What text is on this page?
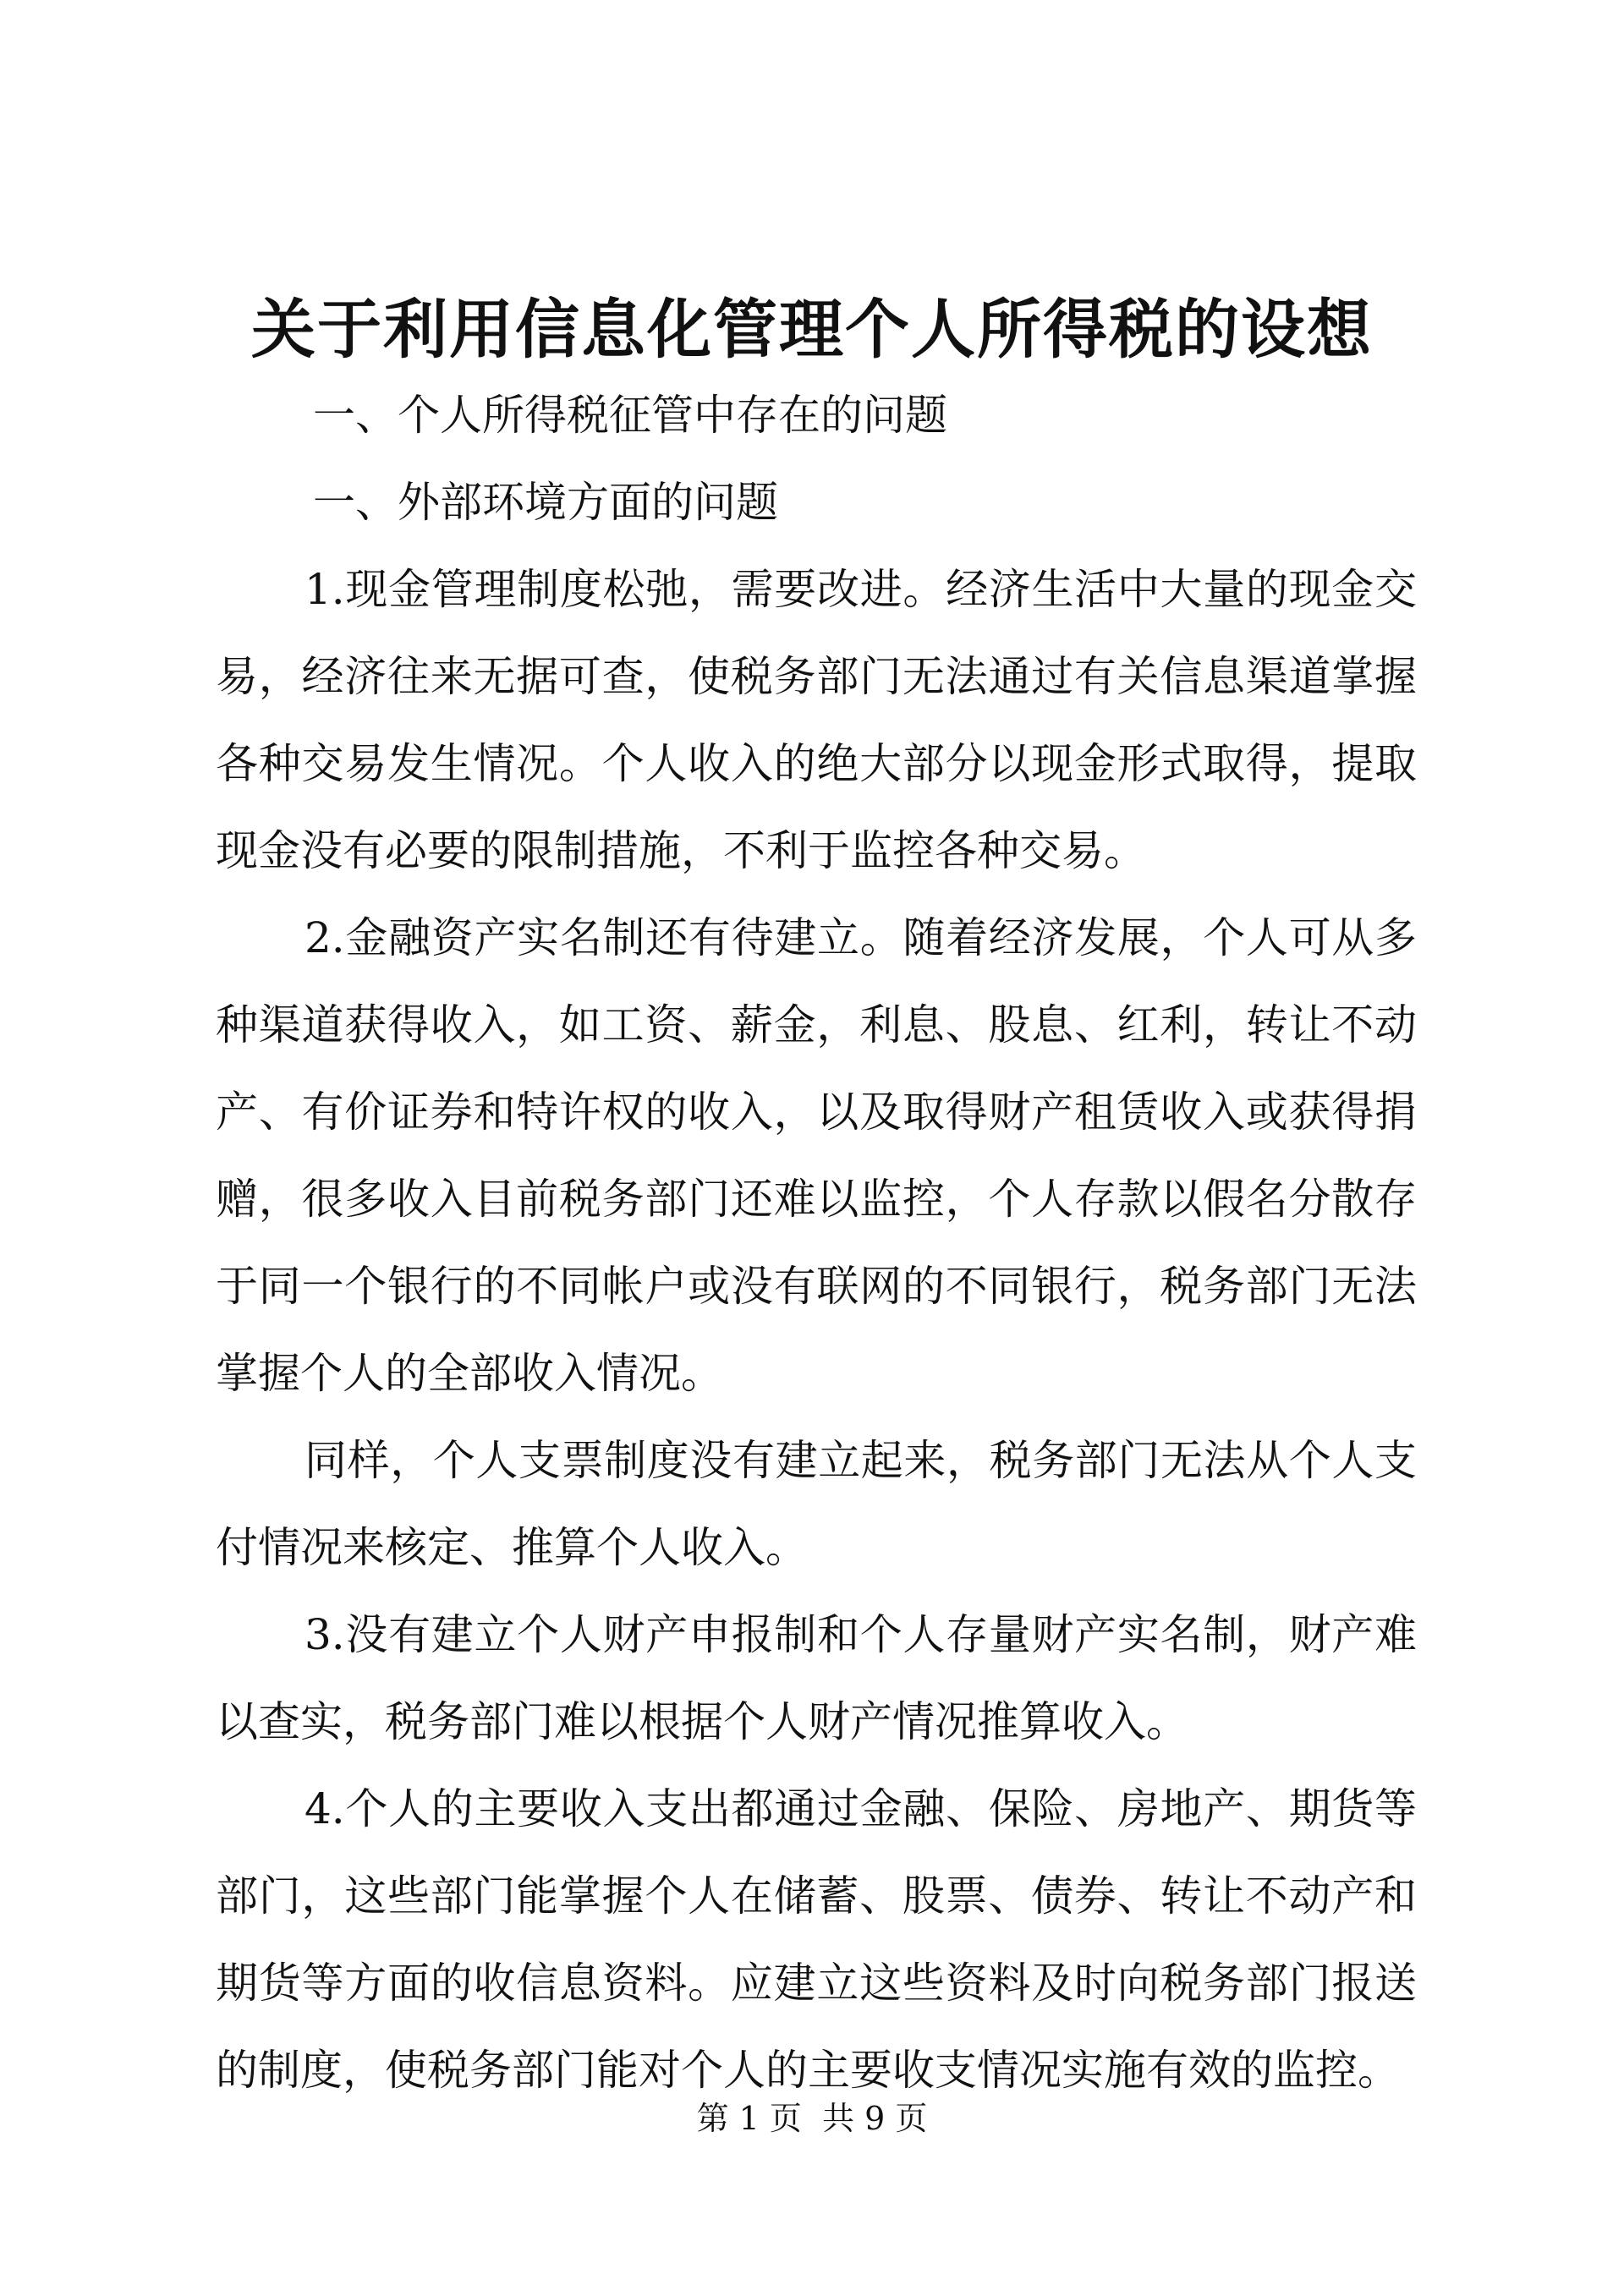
关于利用信息化管理个人所得税的设想

一、个人所得税征管中存在的问题

一、外部环境方面的问题

1.现金管理制度松弛，需要改进。经济生活中大量的现金交易，经济往来无据可查，使税务部门无法通过有关信息渠道掌握各种交易发生情况。个人收入的绝大部分以现金形式取得，提取现金没有必要的限制措施，不利于监控各种交易。

2.金融资产实名制还有待建立。随着经济发展，个人可从多种渠道获得收入，如工资、薪金，利息、股息、红利，转让不动产、有价证券和特许权的收入，以及取得财产租赁收入或获得捐赠，很多收入目前税务部门还难以监控，个人存款以假名分散存于同一个银行的不同帐户或没有联网的不同银行，税务部门无法掌握个人的全部收入情况。

同样，个人支票制度没有建立起来，税务部门无法从个人支付情况来核定、推算个人收入。

3.没有建立个人财产申报制和个人存量财产实名制，财产难以查实，税务部门难以根据个人财产情况推算收入。

4.个人的主要收入支出都通过金融、保险、房地产、期货等部门，这些部门能掌握个人在储蓄、股票、债券、转让不动产和期货等方面的收信息资料。应建立这些资料及时向税务部门报送的制度，使税务部门能对个人的主要收支情况实施有效的监控。

第 1 页  共 9 页
